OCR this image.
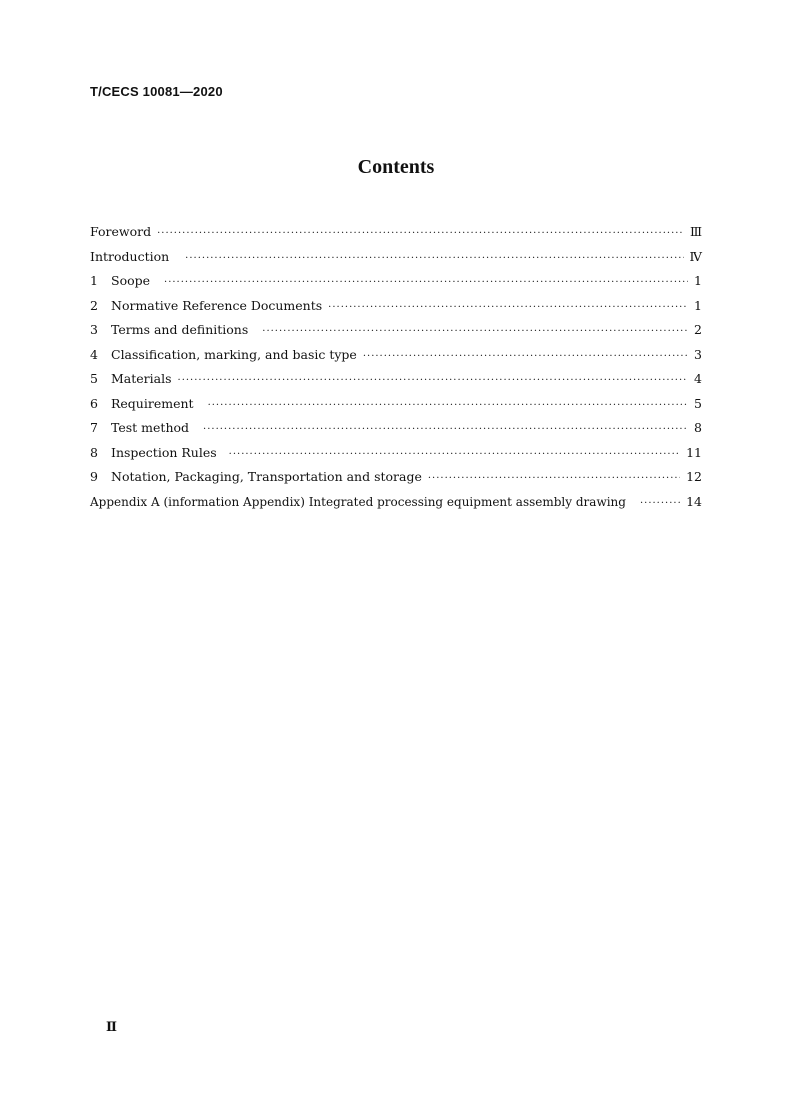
T/CECS 10081—2020
Contents
Foreword ·····	Ⅲ
Introduction ·····	Ⅳ
1	Soope ·····	1
2	Normative Reference Documents ·····	1
3	Terms and definitions ·····	2
4	Classification, marking, and basic type ·····	3
5	Materials ·····	4
6	Requirement ·····	5
7	Test method ·····	8
8	Inspection Rules ·····	11
9	Notation, Packaging, Transportation and storage ·····	12
Appendix A (information Appendix) Integrated processing equipment assembly drawing ·····	14
Ⅱ
